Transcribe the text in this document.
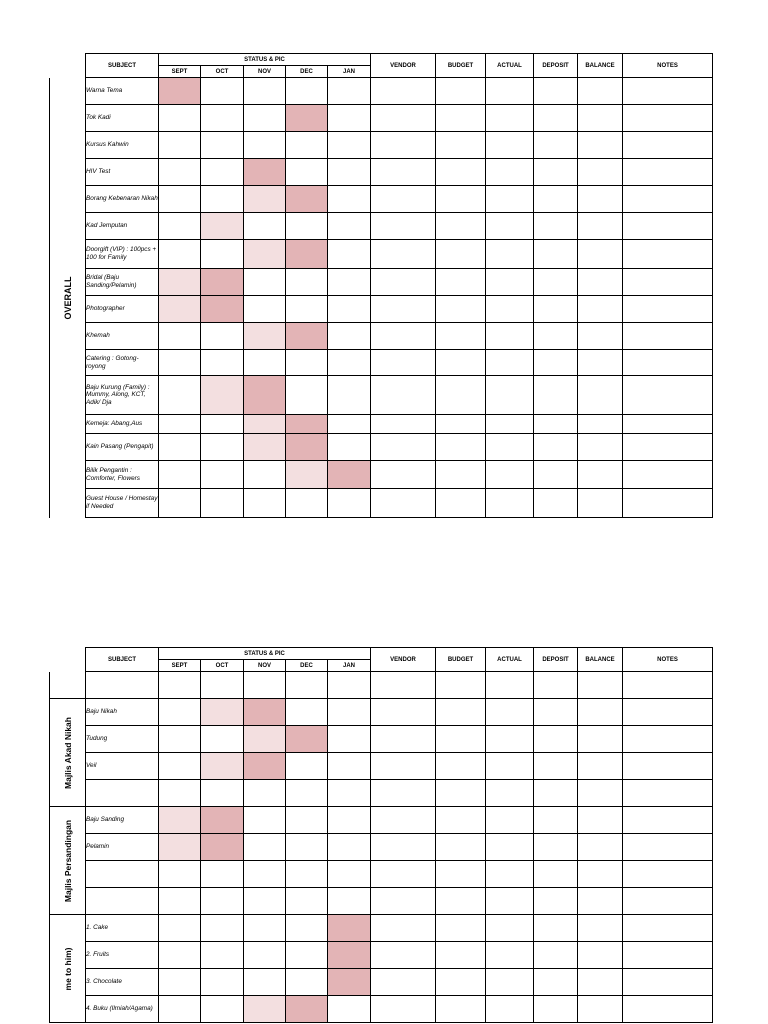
	SUBJECT	STATUS & PIC					VENDOR	BUDGET	ACTUAL	DEPOSIT	BALANCE	NOTES
		SEPT	OCT	NOV	DEC	JAN						

OVERALL	Warna Tema											
	Tok Kadi											
	Kursus Kahwin											
	HIV Test											
	Borang Kebenaran Nikah											
	Kad Jemputan											
	Doorgift (VIP) : 100pcs + 100 for Family											
	Bridal (Baju Sanding/Pelamin)											
	Photographer											
	Khemah											
	Catering : Gotong-royong											
	Baju Kurung (Family) : Mummy, Along, KCT, Adik/ Dja											
	Kemeja: Abang,Aus											
	Kain Pasang (Pengapit)											
	Bilik Pengantin : Comforter, Flowers											
	Guest House / Homestay if Needed											
	SUBJECT	STATUS & PIC					VENDOR	BUDGET	ACTUAL	DEPOSIT	BALANCE	NOTES
		SEPT	OCT	NOV	DEC	JAN						

Majlis Akad Nikah	Baju Nikah											
	Tudung											
	Veil											

Majlis Persandingan	Baju Sanding											
	Pelamin											

me to him)	1. Cake											
	2. Fruits											
	3. Chocolate											
	4. Buku (Ilmiah/Agama)											
